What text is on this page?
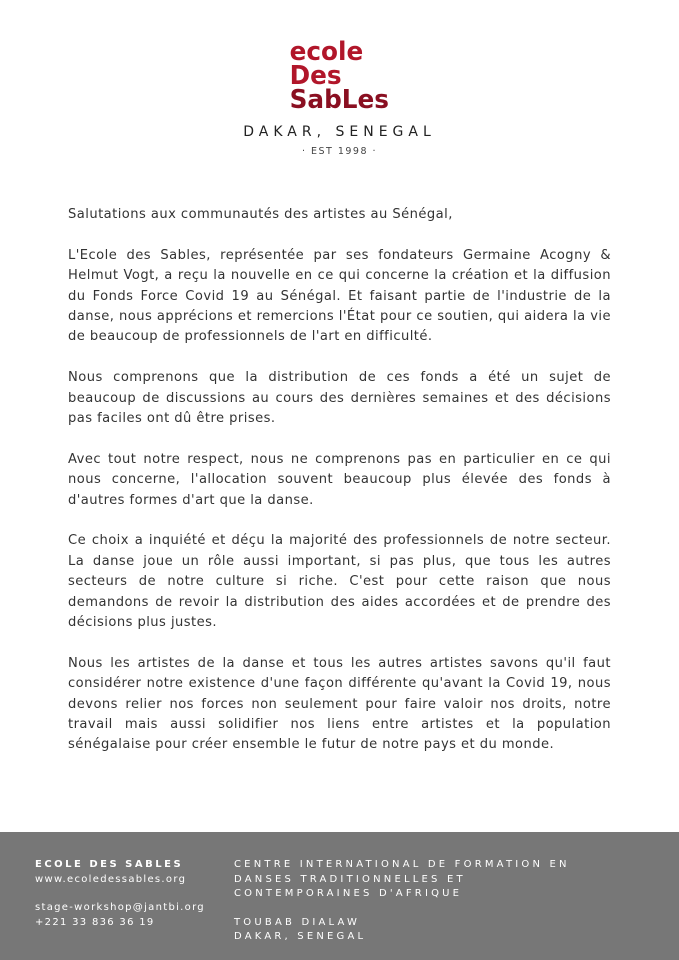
ecole
Des
SabLes
DAKAR, SENEGAL
· EST 1998 ·

Salutations aux communautés des artistes au Sénégal,

L'Ecole des Sables, représentée par ses fondateurs Germaine Acogny & Helmut Vogt, a reçu la nouvelle en ce qui concerne la création et la diffusion du Fonds Force Covid 19 au Sénégal. Et faisant partie de l'industrie de la danse, nous apprécions et remercions l'État pour ce soutien, qui aidera la vie de beaucoup de professionnels de l'art en difficulté.

Nous comprenons que la distribution de ces fonds a été un sujet de beaucoup de discussions au cours des dernières semaines et des décisions pas faciles ont dû être prises.

Avec tout notre respect, nous ne comprenons pas en particulier en ce qui nous concerne, l'allocation souvent beaucoup plus élevée des fonds à d'autres formes d'art que la danse.

Ce choix a inquiété et déçu la majorité des professionnels de notre secteur. La danse joue un rôle aussi important, si pas plus, que tous les autres secteurs de notre culture si riche. C'est pour cette raison que nous demandons de revoir la distribution des aides accordées et de prendre des décisions plus justes.

Nous les artistes de la danse et tous les autres artistes savons qu'il faut considérer notre existence d'une façon différente qu'avant la Covid 19, nous devons relier nos forces non seulement pour faire valoir nos droits, notre travail mais aussi solidifier nos liens entre artistes et la population sénégalaise pour créer ensemble le futur de notre pays et du monde.

ECOLE DES SABLES
www.ecoledessables.org
stage-workshop@jantbi.org
+221 33 836 36 19
CENTRE INTERNATIONAL DE FORMATION EN
DANSES TRADITIONNELLES ET
CONTEMPORAINES D'AFRIQUE
TOUBAB DIALAW
DAKAR, SENEGAL
